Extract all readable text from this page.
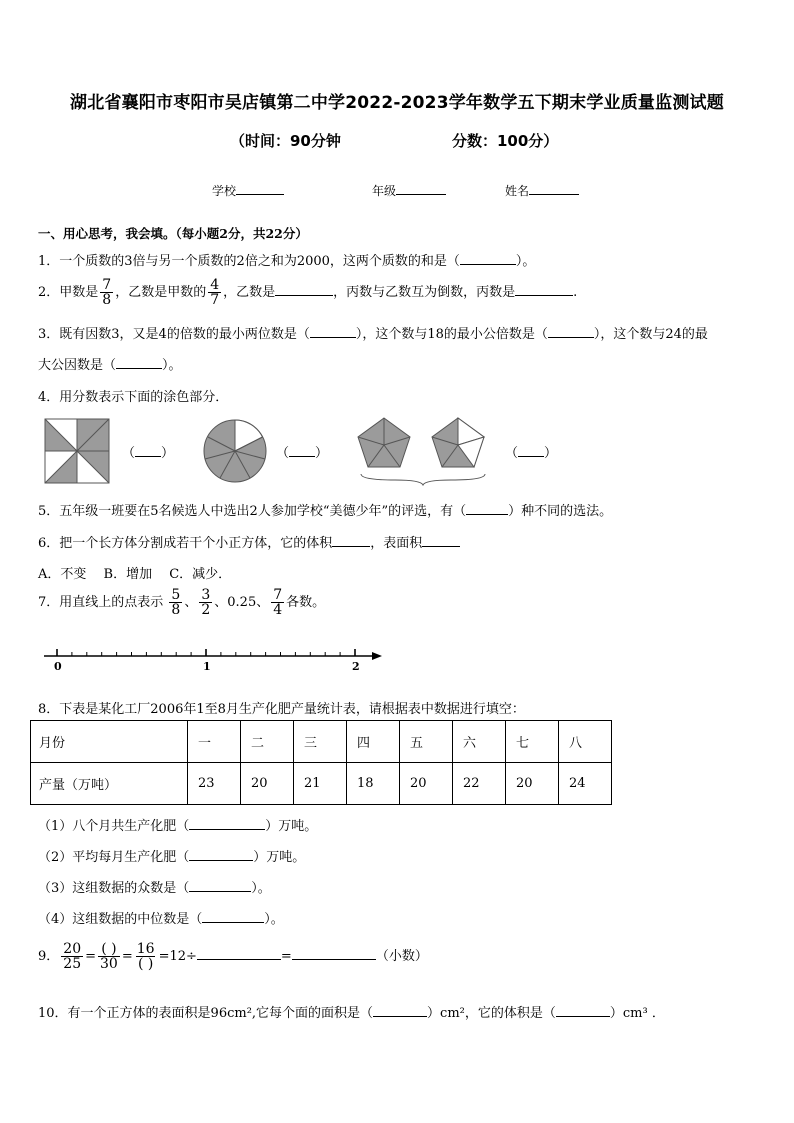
湖北省襄阳市枣阳市吴店镇第二中学2022-2023学年数学五下期末学业质量监测试题
（时间：90分钟	分数：100分）
学校	年级	姓名
一、用心思考，我会填。（每小题2分，共22分）
1．一个质数的3倍与另一个质数的2倍之和为2000，这两个质数的和是（	）。
2．甲数是 $\frac{7}{8}$ ，乙数是甲数的 $\frac{4}{7}$ ，乙数是	，丙数与乙数互为倒数，丙数是	.
3．既有因数3，又是4的倍数的最小两位数是（	），这个数与18的最小公倍数是（	），这个数与24的最
大公因数是（	）。
4．用分数表示下面的涂色部分．
（ ）	（ ）	（ ）
5．五年级一班要在5名候选人中选出2人参加学校“美德少年”的评选，有（	）种不同的选法。
6．把一个长方体分割成若干个小正方体，它的体积	，表面积
A．不变　 B．增加　 C．减少．
7．用直线上的点表示 $\frac{5}{8}$ 、 $\frac{3}{2}$ 、0.25、 $\frac{7}{4}$ 各数。
0	1	2
8．下表是某化工厂2006年1至8月生产化肥产量统计表，请根据表中数据进行填空：
月份	一	二	三	四	五	六	七	八
产量（万吨）	23	20	21	18	20	22	20	24
（1）八个月共生产化肥（	）万吨。
（2）平均每月生产化肥（	）万吨。
（3）这组数据的众数是（	）。
（4）这组数据的中位数是（	）。
9． $\frac{20}{25} = \frac{( )}{30} = \frac{16}{( )} =12\div$	=	（小数）
10．有一个正方体的表面积是96cm²,它每个面的面积是（	）cm²，它的体积是（	）cm³ ．
